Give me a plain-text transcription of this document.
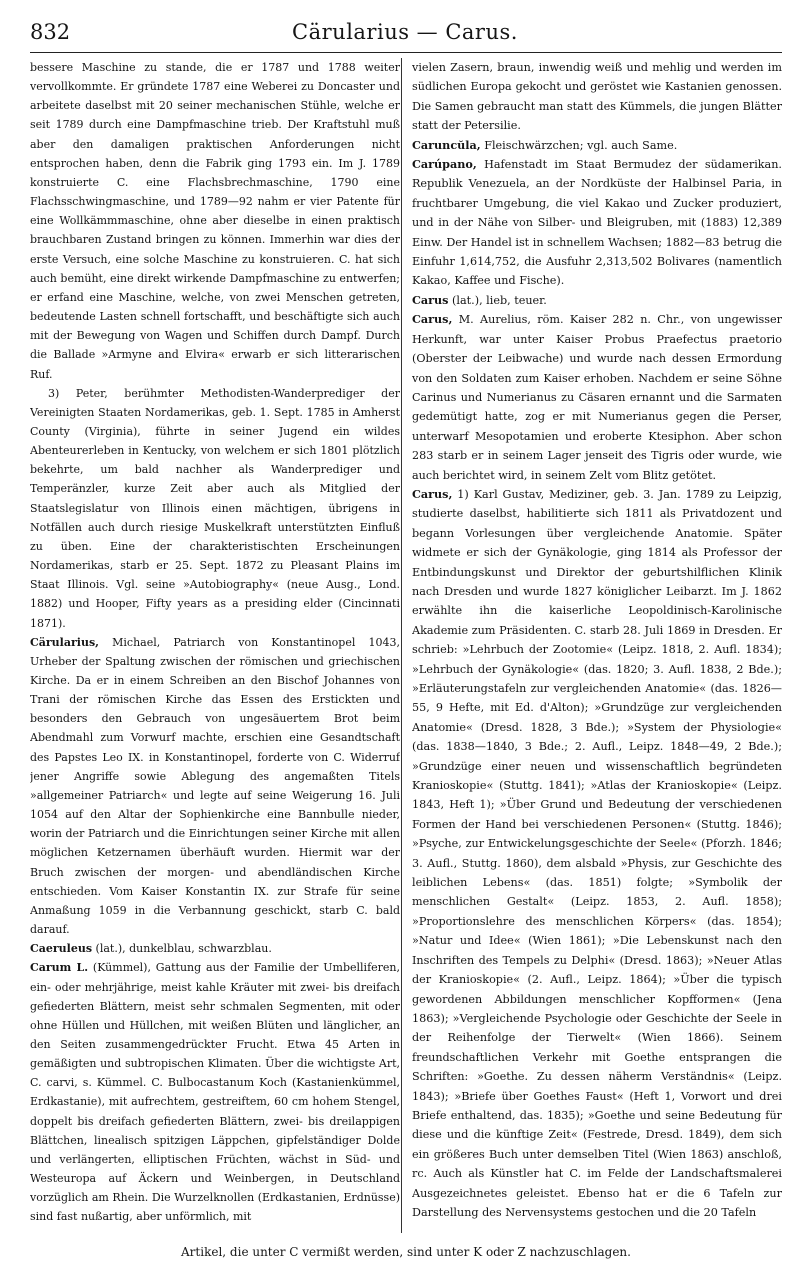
832	Cärularius — Carus.

bessere Maschine zu stande, die er 1787 und 1788 weiter vervollkommte. Er gründete 1787 eine Weberei zu Doncaster und arbeitete daselbst mit 20 seiner mechanischen Stühle, welche er seit 1789 durch eine Dampfmaschine trieb. Der Kraftstuhl muß aber den damaligen praktischen Anforderungen nicht entsprochen haben, denn die Fabrik ging 1793 ein. Im J. 1789 konstruierte C. eine Flachsbrechmaschine, 1790 eine Flachsschwingmaschine, und 1789—92 nahm er vier Patente für eine Wollkämmmaschine, ohne aber dieselbe in einen praktisch brauchbaren Zustand bringen zu können. Immerhin war dies der erste Versuch, eine solche Maschine zu konstruieren. C. hat sich auch bemüht, eine direkt wirkende Dampfmaschine zu entwerfen; er erfand eine Maschine, welche, von zwei Menschen getreten, bedeutende Lasten schnell fortschafft, und beschäftigte sich auch mit der Bewegung von Wagen und Schiffen durch Dampf. Durch die Ballade »Armyne and Elvira« erwarb er sich litterarischen Ruf.

3) Peter, berühmter Methodisten-Wanderprediger der Vereinigten Staaten Nordamerikas, geb. 1. Sept. 1785 in Amherst County (Virginia), führte in seiner Jugend ein wildes Abenteurerleben in Kentucky, von welchem er sich 1801 plötzlich bekehrte, um bald nachher als Wanderprediger und Temperänzler, kurze Zeit aber auch als Mitglied der Staatslegislatur von Illinois einen mächtigen, übrigens in Notfällen auch durch riesige Muskelkraft unterstützten Einfluß zu üben. Eine der charakteristischten Erscheinungen Nordamerikas, starb er 25. Sept. 1872 zu Pleasant Plains im Staat Illinois. Vgl. seine »Autobiography« (neue Ausg., Lond. 1882) und Hooper, Fifty years as a presiding elder (Cincinnati 1871).

Cärularius, Michael, Patriarch von Konstantinopel 1043, Urheber der Spaltung zwischen der römischen und griechischen Kirche. Da er in einem Schreiben an den Bischof Johannes von Trani der römischen Kirche das Essen des Erstickten und besonders den Gebrauch von ungesäuertem Brot beim Abendmahl zum Vorwurf machte, erschien eine Gesandtschaft des Papstes Leo IX. in Konstantinopel, forderte von C. Widerruf jener Angriffe sowie Ablegung des angemaßten Titels »allgemeiner Patriarch« und legte auf seine Weigerung 16. Juli 1054 auf den Altar der Sophienkirche eine Bannbulle nieder, worin der Patriarch und die Einrichtungen seiner Kirche mit allen möglichen Ketzernamen überhäuft wurden. Hiermit war der Bruch zwischen der morgen- und abendländischen Kirche entschieden. Vom Kaiser Konstantin IX. zur Strafe für seine Anmaßung 1059 in die Verbannung geschickt, starb C. bald darauf.

Caeruleus (lat.), dunkelblau, schwarzblau.

Carum L. (Kümmel), Gattung aus der Familie der Umbelliferen, ein- oder mehrjährige, meist kahle Kräuter mit zwei- bis dreifach gefiederten Blättern, meist sehr schmalen Segmenten, mit oder ohne Hüllen und Hüllchen, mit weißen Blüten und länglicher, an den Seiten zusammengedrückter Frucht. Etwa 45 Arten in gemäßigten und subtropischen Klimaten. Über die wichtigste Art, C. carvi, s. Kümmel. C. Bulbocastanum Koch (Kastanienkümmel, Erdkastanie), mit aufrechtem, gestreiftem, 60 cm hohem Stengel, doppelt bis dreifach gefiederten Blättern, zwei- bis dreilappigen Blättchen, linealisch spitzigen Läppchen, gipfelständiger Dolde und verlängerten, elliptischen Früchten, wächst in Süd- und Westeuropa auf Äckern und Weinbergen, in Deutschland vorzüglich am Rhein. Die Wurzelknollen (Erdkastanien, Erdnüsse) sind fast nußartig, aber unförmlich, mit

vielen Zasern, braun, inwendig weiß und mehlig und werden im südlichen Europa gekocht und geröstet wie Kastanien genossen. Die Samen gebraucht man statt des Kümmels, die jungen Blätter statt der Petersilie.

Caruncŭla, Fleischwärzchen; vgl. auch Same.

Carúpano, Hafenstadt im Staat Bermudez der südamerikan. Republik Venezuela, an der Nordküste der Halbinsel Paria, in fruchtbarer Umgebung, die viel Kakao und Zucker produziert, und in der Nähe von Silber- und Bleigruben, mit (1883) 12,389 Einw. Der Handel ist in schnellem Wachsen; 1882—83 betrug die Einfuhr 1,614,752, die Ausfuhr 2,313,502 Bolivares (namentlich Kakao, Kaffee und Fische).

Carus (lat.), lieb, teuer.

Carus, M. Aurelius, röm. Kaiser 282 n. Chr., von ungewisser Herkunft, war unter Kaiser Probus Praefectus praetorio (Oberster der Leibwache) und wurde nach dessen Ermordung von den Soldaten zum Kaiser erhoben. Nachdem er seine Söhne Carinus und Numerianus zu Cäsaren ernannt und die Sarmaten gedemütigt hatte, zog er mit Numerianus gegen die Perser, unterwarf Mesopotamien und eroberte Ktesiphon. Aber schon 283 starb er in seinem Lager jenseit des Tigris oder wurde, wie auch berichtet wird, in seinem Zelt vom Blitz getötet.

Carus, 1) Karl Gustav, Mediziner, geb. 3. Jan. 1789 zu Leipzig, studierte daselbst, habilitierte sich 1811 als Privatdozent und begann Vorlesungen über vergleichende Anatomie. Später widmete er sich der Gynäkologie, ging 1814 als Professor der Entbindungskunst und Direktor der geburtshilflichen Klinik nach Dresden und wurde 1827 königlicher Leibarzt. Im J. 1862 erwählte ihn die kaiserliche Leopoldinisch-Karolinische Akademie zum Präsidenten. C. starb 28. Juli 1869 in Dresden. Er schrieb: »Lehrbuch der Zootomie« (Leipz. 1818, 2. Aufl. 1834); »Lehrbuch der Gynäkologie« (das. 1820; 3. Aufl. 1838, 2 Bde.); »Erläuterungstafeln zur vergleichenden Anatomie« (das. 1826—55, 9 Hefte, mit Ed. d'Alton); »Grundzüge zur vergleichenden Anatomie« (Dresd. 1828, 3 Bde.); »System der Physiologie« (das. 1838—1840, 3 Bde.; 2. Aufl., Leipz. 1848—49, 2 Bde.); »Grundzüge einer neuen und wissenschaftlich begründeten Kranioskopie« (Stuttg. 1841); »Atlas der Kranioskopie« (Leipz. 1843, Heft 1); »Über Grund und Bedeutung der verschiedenen Formen der Hand bei verschiedenen Personen« (Stuttg. 1846); »Psyche, zur Entwickelungsgeschichte der Seele« (Pforzh. 1846; 3. Aufl., Stuttg. 1860), dem alsbald »Physis, zur Geschichte des leiblichen Lebens« (das. 1851) folgte; »Symbolik der menschlichen Gestalt« (Leipz. 1853, 2. Aufl. 1858); »Proportionslehre des menschlichen Körpers« (das. 1854); »Natur und Idee« (Wien 1861); »Die Lebenskunst nach den Inschriften des Tempels zu Delphi« (Dresd. 1863); »Neuer Atlas der Kranioskopie« (2. Aufl., Leipz. 1864); »Über die typisch gewordenen Abbildungen menschlicher Kopfformen« (Jena 1863); »Vergleichende Psychologie oder Geschichte der Seele in der Reihenfolge der Tierwelt« (Wien 1866). Seinem freundschaftlichen Verkehr mit Goethe entsprangen die Schriften: »Goethe. Zu dessen näherm Verständnis« (Leipz. 1843); »Briefe über Goethes Faust« (Heft 1, Vorwort und drei Briefe enthaltend, das. 1835); »Goethe und seine Bedeutung für diese und die künftige Zeit« (Festrede, Dresd. 1849), dem sich ein größeres Buch unter demselben Titel (Wien 1863) anschloß, rc. Auch als Künstler hat C. im Felde der Landschaftsmalerei Ausgezeichnetes geleistet. Ebenso hat er die 6 Tafeln zur Darstellung des Nervensystems gestochen und die 20 Tafeln

Artikel, die unter C vermißt werden, sind unter K oder Z nachzuschlagen.
